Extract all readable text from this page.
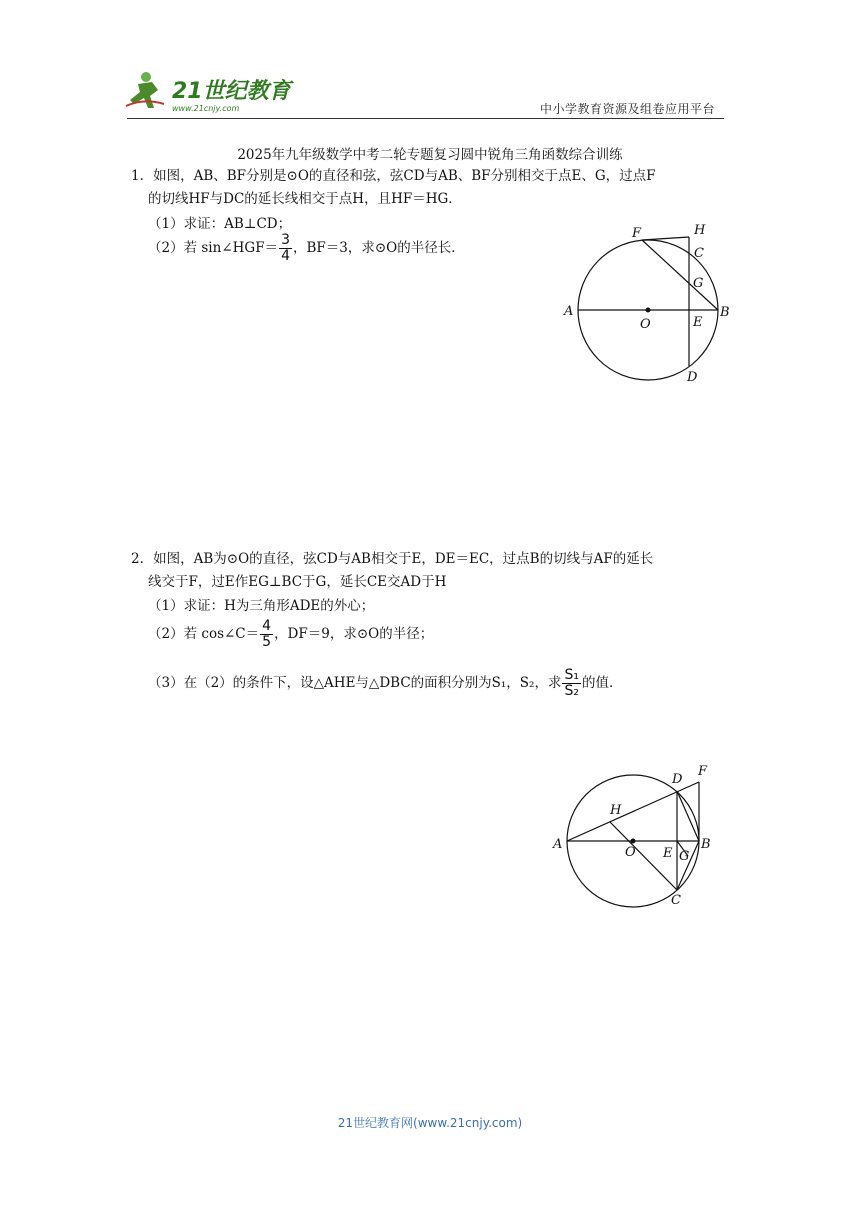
21世纪教育
www.21cnjy.com	中小学教育资源及组卷应用平台
2025年九年级数学中考二轮专题复习圆中锐角三角函数综合训练
1．如图，AB、BF分别是⊙O的直径和弦，弦CD与AB、BF分别相交于点E、G，过点F
的切线HF与DC的延长线相交于点H，且HF＝HG．
（1）求证：AB⊥CD；
（2）若 sin∠HGF＝ $\frac{3}{4}$ ，BF＝3，求⊙O的半径长．
F	H
C
G
A
O	E
B
D
2．如图，AB为⊙O的直径，弦CD与AB相交于E，DE＝EC，过点B的切线与AF的延长
线交于F，过E作EG⊥BC于G，延长CE交AD于H
（1）求证：H为三角形ADE的外心；
（2）若 cos∠C＝ $\frac{4}{5}$ ，DF＝9，求⊙O的半径；
（3）在（2）的条件下，设△AHE与△DBC的面积分别为S₁，S₂，求 $\frac{\text{S₁}}{\text{S₂}}$ 的值．
D
F
H
A
O E G
B
C
21世纪教育网(www.21cnjy.com)
